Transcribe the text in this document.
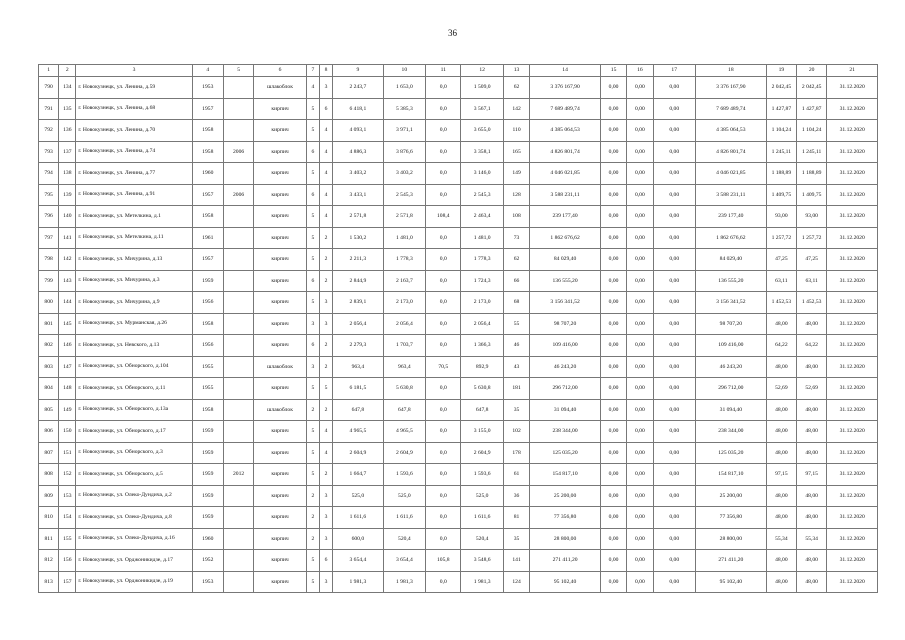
36
1	2	3	4	5	6	7	8	9	10	11	12	13	14	15	16	17	18	19	20	21
790	134	г. Новокузнецк, ул. Ленина, д.59	1953		шлакоблок	4	3	2 243,7	1 653,0	0,0	1 509,0	62	3 376 167,90	0,00	0,00	0,00	3 376 167,90	2 042,45	2 042,45	31.12.2020
791	135	г. Новокузнецк, ул. Ленина, д.68	1957		кирпич	5	6	6 418,1	5 385,3	0,0	3 567,1	142	7 689 489,74	0,00	0,00	0,00	7 689 489,74	1 427,87	1 427,87	31.12.2020
792	136	г. Новокузнецк, ул. Ленина, д.70	1958		кирпич	5	4	4 093,1	3 971,1	0,0	3 655,0	110	4 385 064,53	0,00	0,00	0,00	4 385 064,53	1 104,24	1 104,24	31.12.2020
793	137	г. Новокузнецк, ул. Ленина, д.74	1958	2006	кирпич	6	4	4 886,3	3 876,6	0,0	3 358,1	165	4 826 801,74	0,00	0,00	0,00	4 826 801,74	1 245,11	1 245,11	31.12.2020
794	138	г. Новокузнецк, ул. Ленина, д.77	1960		кирпич	5	4	3 403,2	3 403,2	0,0	3 146,0	149	4 046 021,85	0,00	0,00	0,00	4 046 021,85	1 188,89	1 188,89	31.12.2020
795	139	г. Новокузнецк, ул. Ленина, д.91	1957	2006	кирпич	6	4	3 433,1	2 545,3	0,0	2 545,3	128	3 588 231,11	0,00	0,00	0,00	3 588 231,11	1 409,75	1 409,75	31.12.2020
796	140	г. Новокузнецк, ул. Метелкина, д.1	1958		кирпич	5	4	2 571,8	2 571,8	108,4	2 463,4	108	239 177,40	0,00	0,00	0,00	239 177,40	93,00	93,00	31.12.2020
797	141	г. Новокузнецк, ул. Метелкина, д.11	1961		кирпич	5	2	1 530,2	1 481,0	0,0	1 481,0	73	1 862 676,62	0,00	0,00	0,00	1 862 676,62	1 257,72	1 257,72	31.12.2020
798	142	г. Новокузнецк, ул. Мичурина, д.13	1957		кирпич	5	2	2 211,3	1 778,3	0,0	1 778,3	62	84 029,40	0,00	0,00	0,00	84 029,40	47,25	47,25	31.12.2020
799	143	г. Новокузнецк, ул. Мичурина, д.3	1959		кирпич	6	2	2 844,9	2 163,7	0,0	1 724,3	66	136 555,20	0,00	0,00	0,00	136 555,20	63,11	63,11	31.12.2020
800	144	г. Новокузнецк, ул. Мичурина, д.9	1956		кирпич	5	3	2 839,1	2 173,0	0,0	2 173,0	68	3 156 341,52	0,00	0,00	0,00	3 156 341,52	1 452,53	1 452,53	31.12.2020
801	145	г. Новокузнецк, ул. Мурманская, д.26	1958		кирпич	3	3	2 056,4	2 056,4	0,0	2 056,4	55	98 707,20	0,00	0,00	0,00	98 707,20	48,00	48,00	31.12.2020
802	146	г. Новокузнецк, ул. Невского, д.13	1956		кирпич	6	2	2 279,3	1 703,7	0,0	1 366,3	46	109 416,00	0,00	0,00	0,00	109 416,00	64,22	64,22	31.12.2020
803	147	г. Новокузнецк, ул. Обнорского, д.104	1955		шлакоблок	3	2	963,4	963,4	70,5	892,9	43	46 243,20	0,00	0,00	0,00	46 243,20	48,00	48,00	31.12.2020
804	148	г. Новокузнецк, ул. Обнорского, д.11	1955		кирпич	5	5	6 181,5	5 630,8	0,0	5 630,8	181	296 712,00	0,00	0,00	0,00	296 712,00	52,69	52,69	31.12.2020
805	149	г. Новокузнецк, ул. Обнорского, д.13а	1958		шлакоблок	2	2	647,8	647,8	0,0	647,8	35	31 094,40	0,00	0,00	0,00	31 094,40	48,00	48,00	31.12.2020
806	150	г. Новокузнецк, ул. Обнорского, д.17	1959		кирпич	5	4	4 965,5	4 965,5	0,0	3 155,0	102	238 344,00	0,00	0,00	0,00	238 344,00	48,00	48,00	31.12.2020
807	151	г. Новокузнецк, ул. Обнорского, д.3	1959		кирпич	5	4	2 604,9	2 604,9	0,0	2 604,9	178	125 035,20	0,00	0,00	0,00	125 035,20	48,00	48,00	31.12.2020
808	152	г. Новокузнецк, ул. Обнорского, д.5	1959	2012	кирпич	5	2	1 664,7	1 593,6	0,0	1 593,6	61	154 817,10	0,00	0,00	0,00	154 817,10	97,15	97,15	31.12.2020
809	153	г. Новокузнецк, ул. Олеко-Дундича, д.2	1959		кирпич	2	3	525,0	525,0	0,0	525,0	36	25 200,00	0,00	0,00	0,00	25 200,00	48,00	48,00	31.12.2020
810	154	г. Новокузнецк, ул. Олеко-Дундича, д.8	1959		кирпич	2	3	1 611,6	1 611,6	0,0	1 611,6	81	77 356,80	0,00	0,00	0,00	77 356,80	48,00	48,00	31.12.2020
811	155	г. Новокузнецк, ул. Олеко-Дундича, д.16	1960		кирпич	2	3	600,0	520,4	0,0	520,4	35	28 800,00	0,00	0,00	0,00	28 800,00	55,34	55,34	31.12.2020
812	156	г. Новокузнецк, ул. Орджоникидзе, д.17	1952		кирпич	5	6	3 654,4	3 654,4	105,8	3 548,6	141	271 411,20	0,00	0,00	0,00	271 411,20	48,00	48,00	31.12.2020
813	157	г. Новокузнецк, ул. Орджоникидзе, д.19	1953		кирпич	5	3	1 981,3	1 981,3	0,0	1 981,3	124	95 102,40	0,00	0,00	0,00	95 102,40	48,00	48,00	31.12.2020
